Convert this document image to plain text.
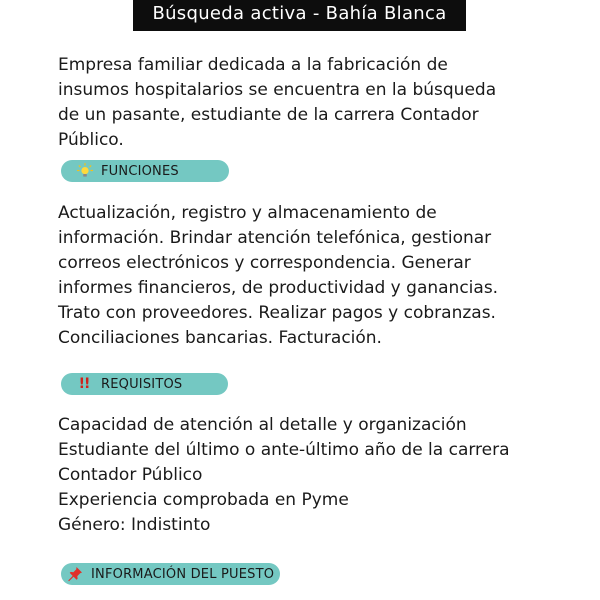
Búsqueda activa - Bahía Blanca

Empresa familiar dedicada a la fabricación de
insumos hospitalarios se encuentra en la búsqueda
de un pasante, estudiante de la carrera Contador
Público.

FUNCIONES

Actualización, registro y almacenamiento de
información. Brindar atención telefónica, gestionar
correos electrónicos y correspondencia. Generar
informes financieros, de productividad y ganancias.
Trato con proveedores. Realizar pagos y cobranzas.
Conciliaciones bancarias. Facturación.

!! REQUISITOS

Capacidad de atención al detalle y organización
Estudiante del último o ante-último año de la carrera
Contador Público
Experiencia comprobada en Pyme
Género: Indistinto

INFORMACIÓN DEL PUESTO
